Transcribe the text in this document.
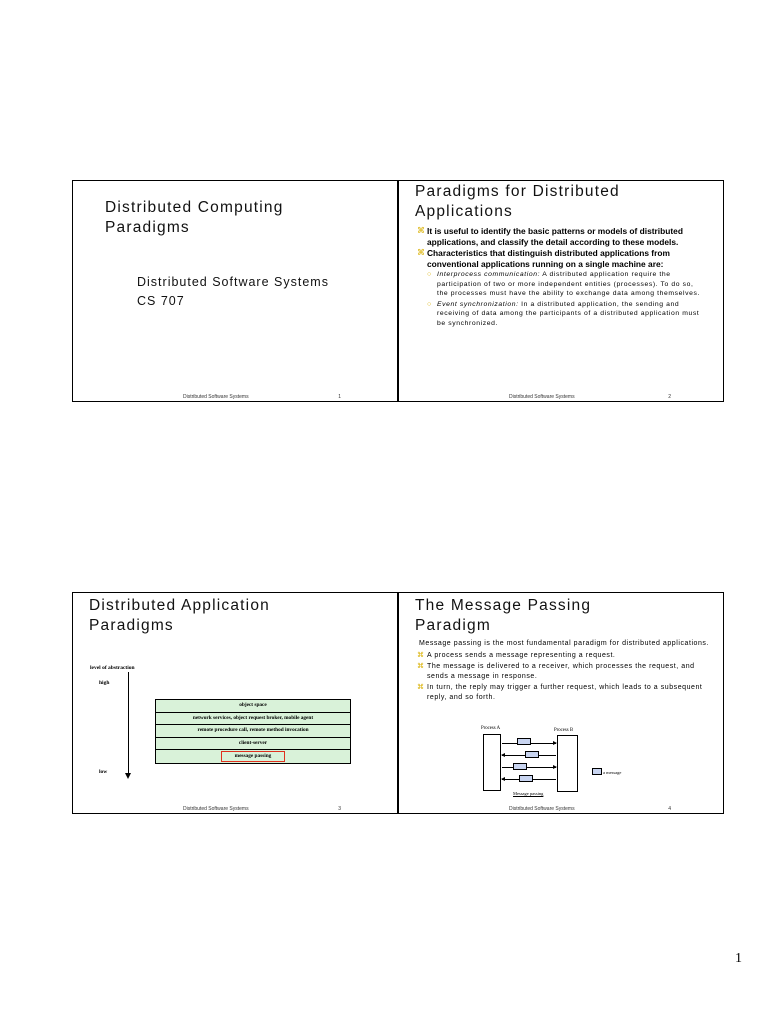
Distributed Computing
Paradigms
Distributed Software Systems
CS 707
Distributed Software Systems	1
Paradigms for Distributed
Applications
⌘ It is useful to identify the basic patterns or models of distributed applications, and classify the detail according to these models.
⌘ Characteristics that distinguish distributed applications from conventional applications running on a single machine are:
○ Interprocess communication: A distributed application require the participation of two or more independent entities (processes). To do so, the processes must have the ability to exchange data among themselves.
○ Event synchronization: In a distributed application, the sending and receiving of data among the participants of a distributed application must be synchronized.
Distributed Software Systems	2
Distributed Application
Paradigms
level of abstraction
high
low
object space
network services, object request broker, mobile agent
remote procedure call, remote method invocation
client-server
message passing
Distributed Software Systems	3
The Message Passing
Paradigm
Message passing is the most fundamental paradigm for distributed applications.
⌘ A process sends a message representing a request.
⌘ The message is delivered to a receiver, which processes the request, and sends a message in response.
⌘ In turn, the reply may trigger a further request, which leads to a subsequent reply, and so forth.
Process A	Process B
a message
Message passing
Distributed Software Systems	4
1
